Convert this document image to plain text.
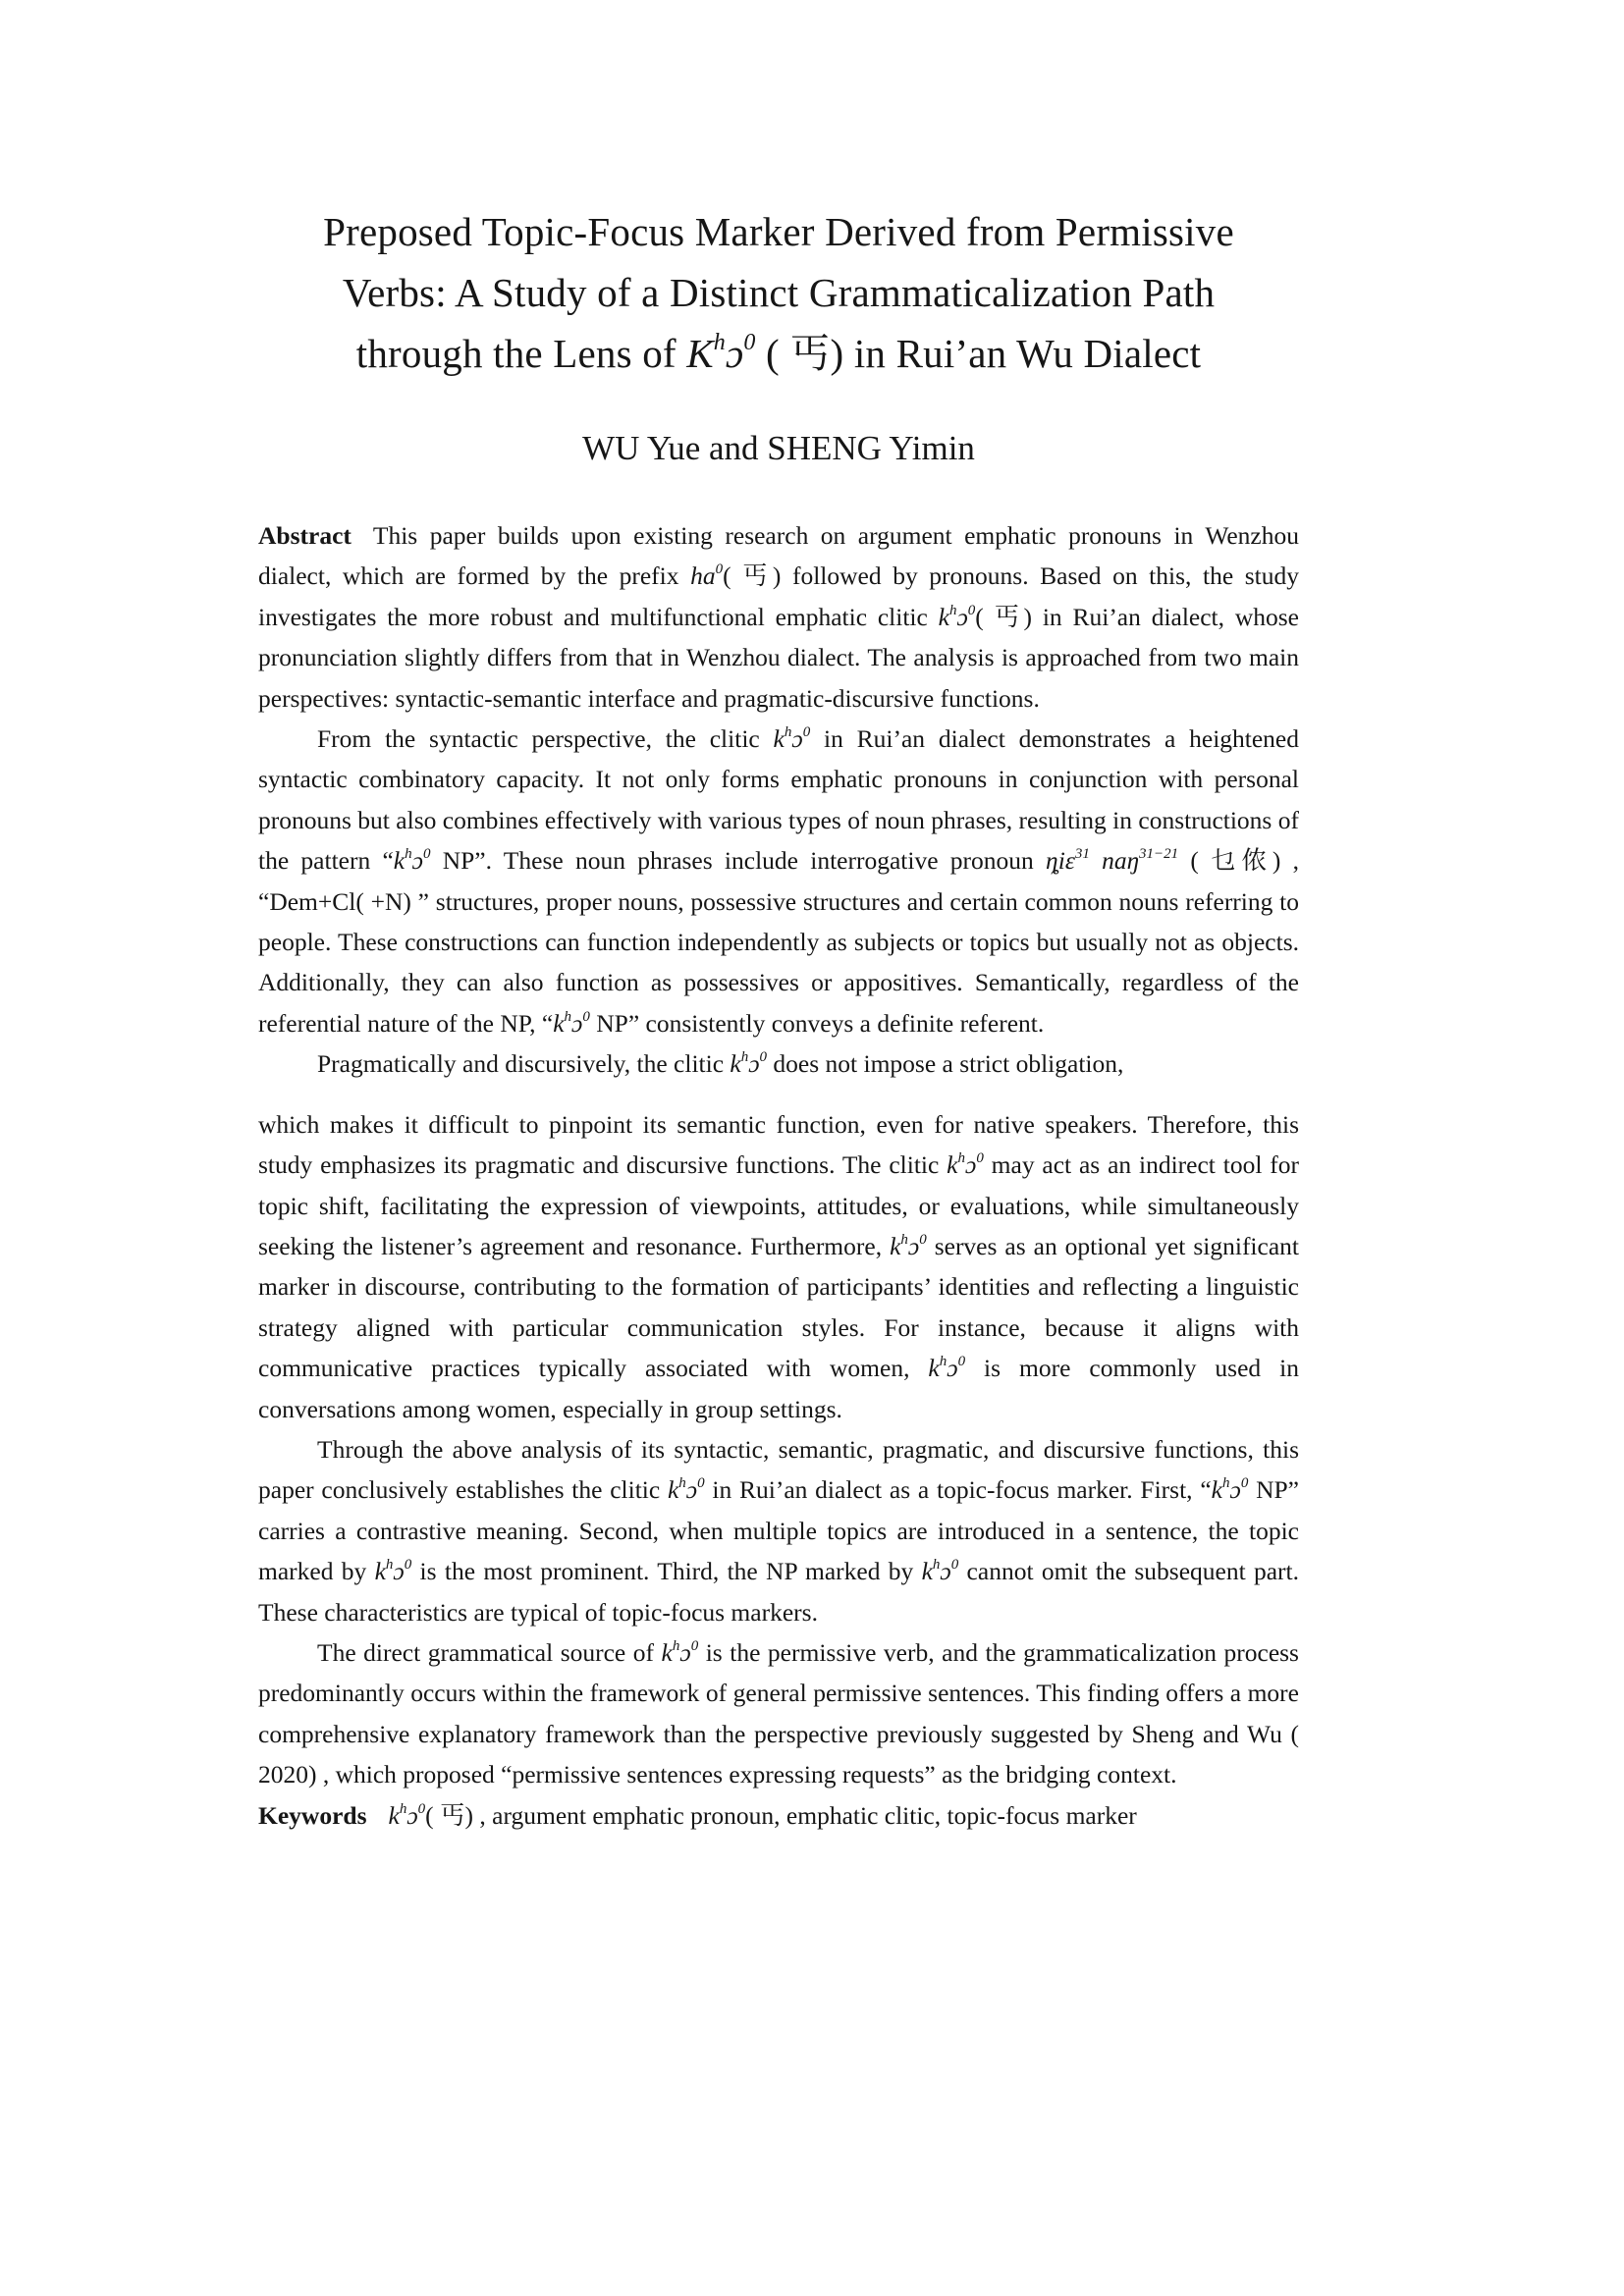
Preposed Topic-Focus Marker Derived from Permissive
Verbs: A Study of a Distinct Grammaticalization Path
through the Lens of $K^hɔ^0$ ( 丐) in Rui’an Wu Dialect
WU Yue and SHENG Yimin

Abstract This paper builds upon existing research on argument emphatic pronouns in Wenzhou dialect, which are formed by the prefix $ha^0$( 丐) followed by pronouns. Based on this, the study investigates the more robust and multifunctional emphatic clitic $k^hɔ^0$( 丐) in Rui’an dialect, whose pronunciation slightly differs from that in Wenzhou dialect. The analysis is approached from two main perspectives: syntactic-semantic interface and pragmatic-discursive functions.

From the syntactic perspective, the clitic $k^hɔ^0$ in Rui’an dialect demonstrates a heightened syntactic combinatory capacity. It not only forms emphatic pronouns in conjunction with personal pronouns but also combines effectively with various types of noun phrases, resulting in constructions of the pattern “$k^hɔ^0$ NP”. These noun phrases include interrogative pronoun ȵiɛ$^{31}$ naŋ$^{31-21}$ ( 乜侬) , “Dem+Cl( +N) ” structures, proper nouns, possessive structures and certain common nouns referring to people. These constructions can function independently as subjects or topics but usually not as objects. Additionally, they can also function as possessives or appositives. Semantically, regardless of the referential nature of the NP, “$k^hɔ^0$ NP” consistently conveys a definite referent.

Pragmatically and discursively, the clitic $k^hɔ^0$ does not impose a strict obligation,

which makes it difficult to pinpoint its semantic function, even for native speakers. Therefore, this study emphasizes its pragmatic and discursive functions. The clitic $k^hɔ^0$ may act as an indirect tool for topic shift, facilitating the expression of viewpoints, attitudes, or evaluations, while simultaneously seeking the listener’s agreement and resonance. Furthermore, $k^hɔ^0$ serves as an optional yet significant marker in discourse, contributing to the formation of participants’ identities and reflecting a linguistic strategy aligned with particular communication styles. For instance, because it aligns with communicative practices typically associated with women, $k^hɔ^0$ is more commonly used in conversations among women, especially in group settings.

Through the above analysis of its syntactic, semantic, pragmatic, and discursive functions, this paper conclusively establishes the clitic $k^hɔ^0$ in Rui’an dialect as a topic-focus marker. First, “$k^hɔ^0$ NP” carries a contrastive meaning. Second, when multiple topics are introduced in a sentence, the topic marked by $k^hɔ^0$ is the most prominent. Third, the NP marked by $k^hɔ^0$ cannot omit the subsequent part. These characteristics are typical of topic-focus markers.

The direct grammatical source of $k^hɔ^0$ is the permissive verb, and the grammaticalization process predominantly occurs within the framework of general permissive sentences. This finding offers a more comprehensive explanatory framework than the perspective previously suggested by Sheng and Wu ( 2020) , which proposed “permissive sentences expressing requests” as the bridging context.

Keywords $k^hɔ^0$( 丐) , argument emphatic pronoun, emphatic clitic, topic-focus marker
